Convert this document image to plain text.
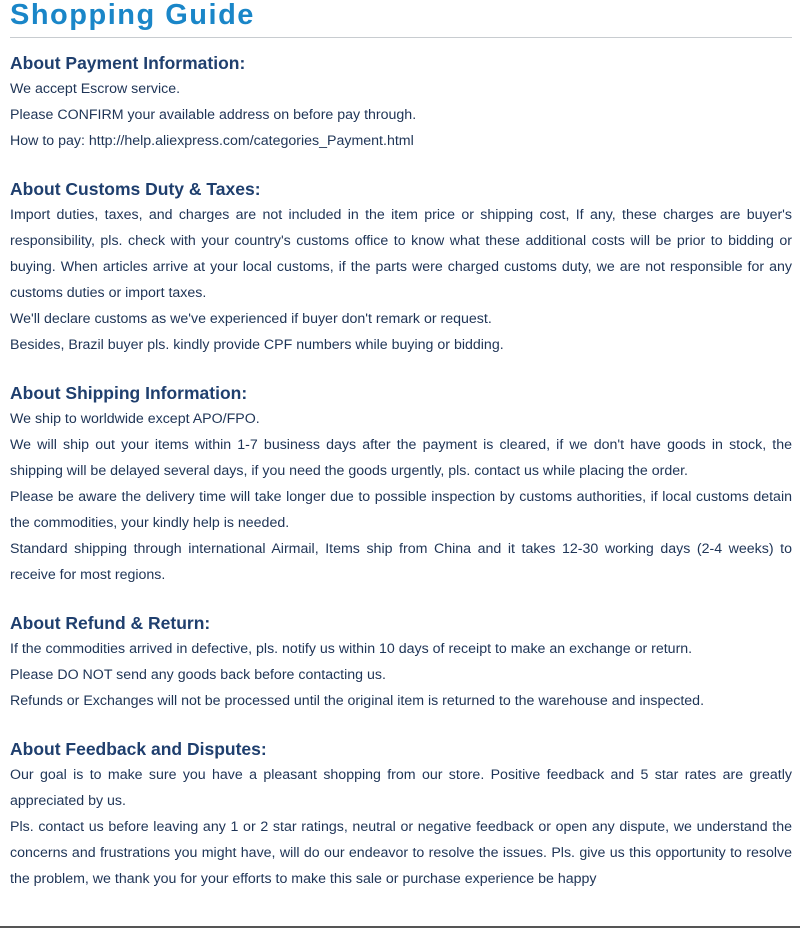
Shopping Guide
About Payment Information:

We accept Escrow service.

Please CONFIRM your available address on before pay through.

How to pay: http://help.aliexpress.com/categories_Payment.html

About Customs Duty & Taxes:

Import duties, taxes, and charges are not included in the item price or shipping cost, If any, these charges are buyer's responsibility, pls. check with your country's customs office to know what these additional costs will be prior to bidding or buying. When articles arrive at your local customs, if the parts were charged customs duty, we are not responsible for any customs duties or import taxes.

We'll declare customs as we've experienced if buyer don't remark or request.

Besides, Brazil buyer pls. kindly provide CPF numbers while buying or bidding.

About Shipping Information:

We ship to worldwide except APO/FPO.

We will ship out your items within 1-7 business days after the payment is cleared, if we don't have goods in stock, the shipping will be delayed several days, if you need the goods urgently, pls. contact us while placing the order.

Please be aware the delivery time will take longer due to possible inspection by customs authorities, if local customs detain the commodities, your kindly help is needed.

Standard shipping through international Airmail, Items ship from China and it takes 12-30 working days (2-4 weeks) to receive for most regions.

About Refund & Return:

If the commodities arrived in defective, pls. notify us within 10 days of receipt to make an exchange or return.

Please DO NOT send any goods back before contacting us.

Refunds or Exchanges will not be processed until the original item is returned to the warehouse and inspected.

About Feedback and Disputes:

Our goal is to make sure you have a pleasant shopping from our store. Positive feedback and 5 star rates are greatly appreciated by us.

Pls. contact us before leaving any 1 or 2 star ratings, neutral or negative feedback or open any dispute, we understand the concerns and frustrations you might have, will do our endeavor to resolve the issues. Pls. give us this opportunity to resolve the problem, we thank you for your efforts to make this sale or purchase experience be happy
